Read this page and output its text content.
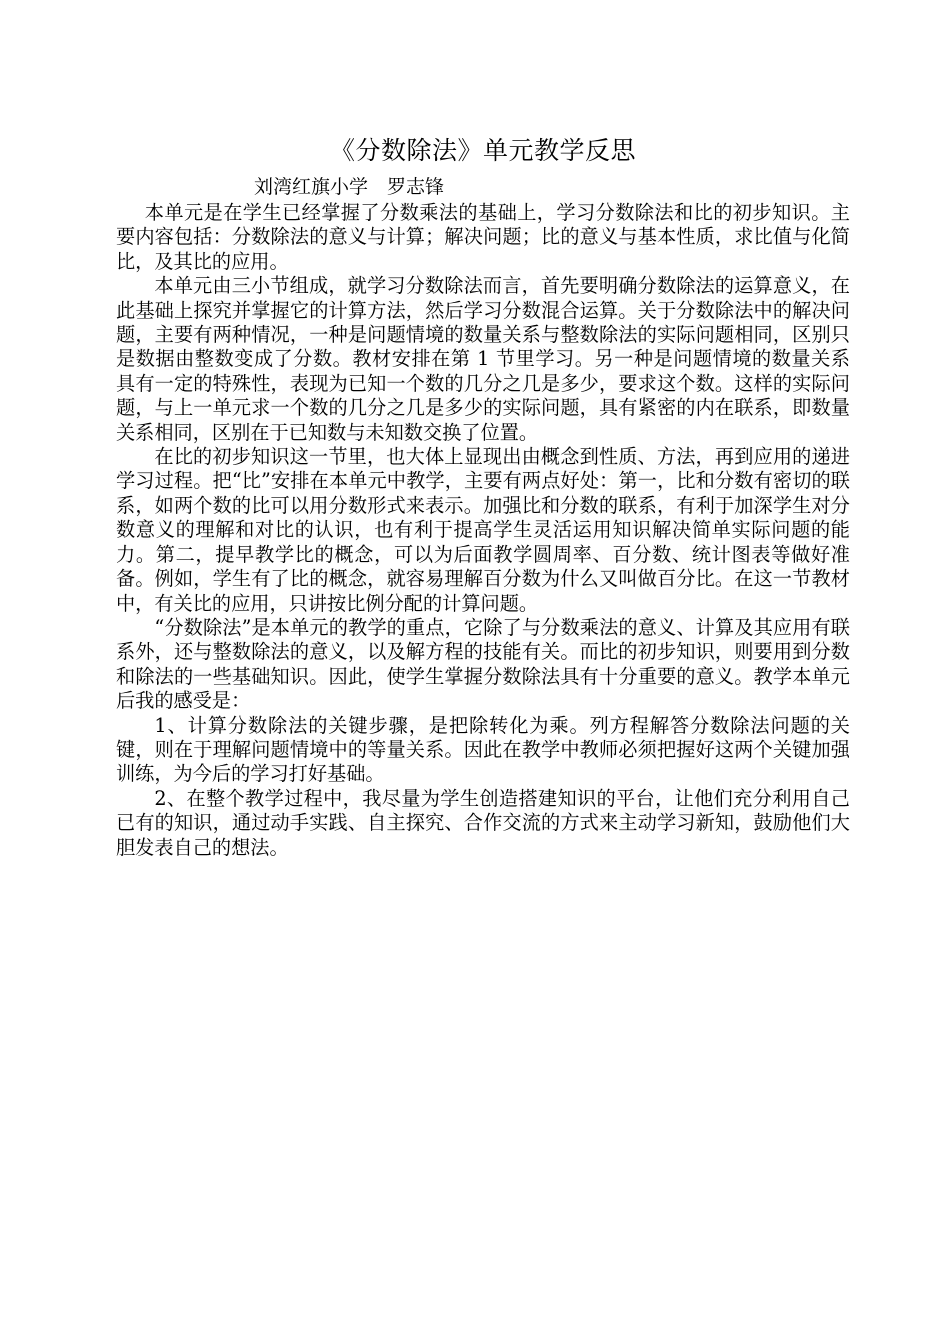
《分数除法》单元教学反思
刘湾红旗小学　罗志锋

本单元是在学生已经掌握了分数乘法的基础上，学习分数除法和比的初步知识。主要内容包括：分数除法的意义与计算；解决问题；比的意义与基本性质，求比值与化简比，及其比的应用。

本单元由三小节组成，就学习分数除法而言，首先要明确分数除法的运算意义，在此基础上探究并掌握它的计算方法，然后学习分数混合运算。关于分数除法中的解决问题，主要有两种情况，一种是问题情境的数量关系与整数除法的实际问题相同，区别只是数据由整数变成了分数。教材安排在第 1 节里学习。另一种是问题情境的数量关系具有一定的特殊性，表现为已知一个数的几分之几是多少，要求这个数。这样的实际问题，与上一单元求一个数的几分之几是多少的实际问题，具有紧密的内在联系，即数量关系相同，区别在于已知数与未知数交换了位置。

在比的初步知识这一节里，也大体上显现出由概念到性质、方法，再到应用的递进学习过程。把“比”安排在本单元中教学，主要有两点好处：第一，比和分数有密切的联系，如两个数的比可以用分数形式来表示。加强比和分数的联系，有利于加深学生对分数意义的理解和对比的认识，也有利于提高学生灵活运用知识解决简单实际问题的能力。第二，提早教学比的概念，可以为后面教学圆周率、百分数、统计图表等做好准备。例如，学生有了比的概念，就容易理解百分数为什么又叫做百分比。在这一节教材中，有关比的应用，只讲按比例分配的计算问题。

“分数除法”是本单元的教学的重点，它除了与分数乘法的意义、计算及其应用有联系外，还与整数除法的意义，以及解方程的技能有关。而比的初步知识，则要用到分数和除法的一些基础知识。因此，使学生掌握分数除法具有十分重要的意义。教学本单元后我的感受是：

1、计算分数除法的关键步骤，是把除转化为乘。列方程解答分数除法问题的关键，则在于理解问题情境中的等量关系。因此在教学中教师必须把握好这两个关键加强训练，为今后的学习打好基础。

2、在整个教学过程中，我尽量为学生创造搭建知识的平台，让他们充分利用自己已有的知识，通过动手实践、自主探究、合作交流的方式来主动学习新知，鼓励他们大胆发表自己的想法。
